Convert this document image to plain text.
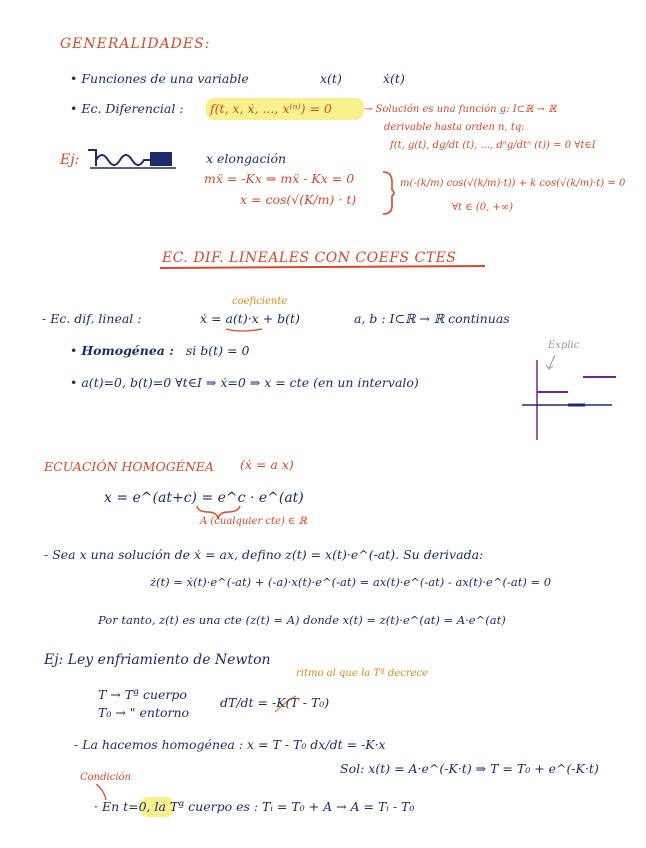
GENERALIDADES:
• Funciones de una variable	x(t)	ẋ(t)
• Ec. Diferencial : f(t, x, ẋ, ..., x⁽ⁿ⁾) = 0	→ Solución es una función g: I⊂ℝ → ℝ
derivable hasta orden n, tq:
f(t, g(t), dg/dt (t), ..., dⁿg/dtⁿ (t)) = 0 ∀t∈I
Ej:	x elongación
mẍ = -Kx ⇒ mẍ - Kx = 0
x = cos(√(K/m) · t)
m(-(k/m) cos(√(k/m)·t)) + k cos(√(k/m)·t) = 0
∀t ∈ (0, +∞)
EC. DIF. LINEALES CON COEFS CTES
coeficiente
- Ec. dif. lineal :	ẋ = a(t)·x + b(t)	a, b : I⊂ℝ → ℝ continuas
• Homogénea : si b(t) = 0	Explic
• a(t)=0, b(t)=0 ∀t∈I ⇒ ẋ=0 ⇒ x = cte (en un intervalo)
ECUACIÓN HOMOGÉNEA (ẋ = a x)
x = e^(at+c) = e^c · e^(at)
A (cualquier cte) ∈ ℝ
- Sea x una solución de ẋ = ax, defino z(t) = x(t)·e^(-at). Su derivada:
ż(t) = ẋ(t)·e^(-at) + (-a)·x(t)·e^(-at) = ax(t)·e^(-at) - ax(t)·e^(-at) = 0
Por tanto, z(t) es una cte (z(t) = A) donde x(t) = z(t)·e^(at) = A·e^(at)
Ej: Ley enfriamiento de Newton
ritmo al que la Tª decrece
T → Tª cuerpo
T₀ → " entorno
dT/dt = -K(T - T₀)
- La hacemos homogénea : x = T - T₀ dx/dt = -K·x
Sol: x(t) = A·e^(-K·t) ⇒ T = T₀ + e^(-K·t)
Condición
· En t=0, la Tª cuerpo es : Tᵢ = T₀ + A → A = Tᵢ - T₀
